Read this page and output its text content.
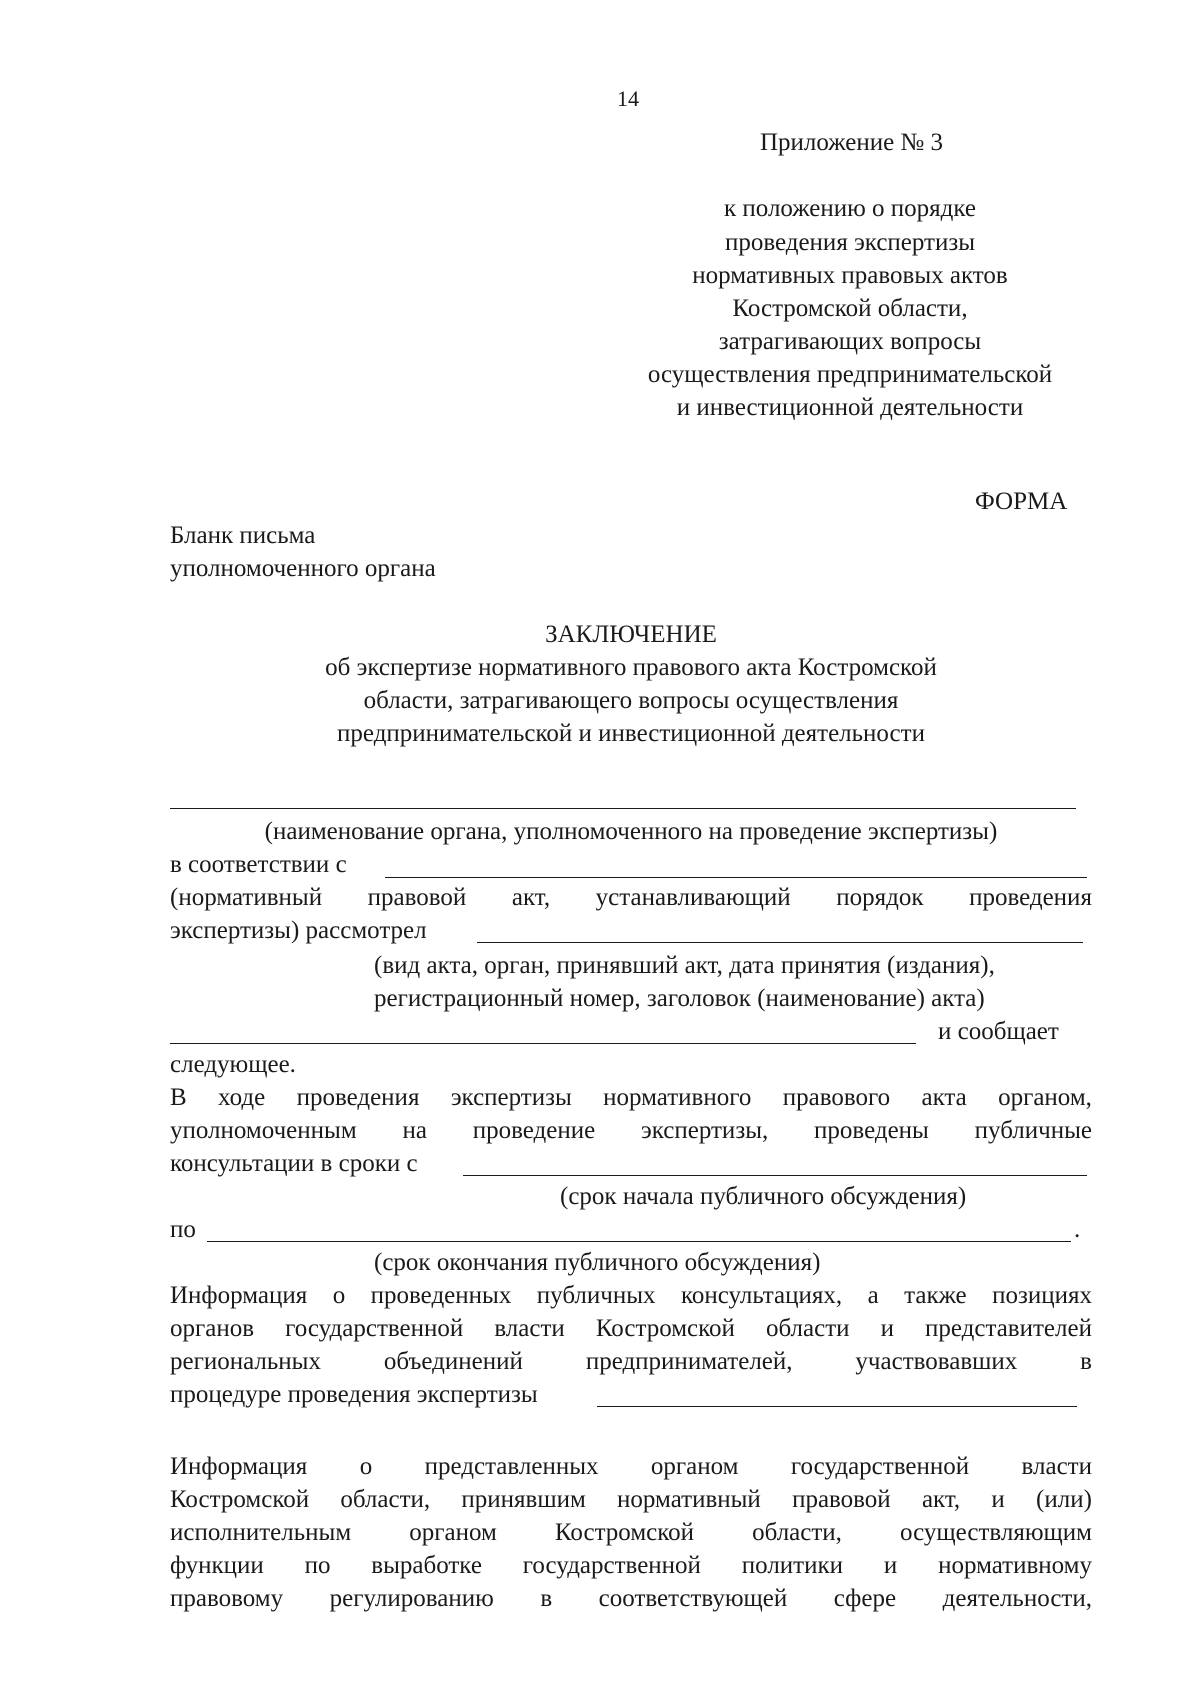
14
Приложение № 3
к положению о порядке
проведения экспертизы
нормативных правовых актов
Костромской области,
затрагивающих вопросы
осуществления предпринимательской
и инвестиционной деятельности
ФОРМА
Бланк письма
уполномоченного органа
ЗАКЛЮЧЕНИЕ
об экспертизе нормативного правового акта Костромской
области, затрагивающего вопросы осуществления
предпринимательской и инвестиционной деятельности
(наименование органа, уполномоченного на проведение экспертизы)
в соответствии с
(нормативный правовой акт, устанавливающий порядок проведения
экспертизы) рассмотрел
(вид акта, орган, принявший акт, дата принятия (издания),
регистрационный номер, заголовок (наименование) акта)
и сообщает
следующее.
В ходе проведения экспертизы нормативного правового акта органом,
уполномоченным на проведение экспертизы, проведены публичные
консультации в сроки с
(срок начала публичного обсуждения)
по	.
(срок окончания публичного обсуждения)
Информация о проведенных публичных консультациях, а также позициях
органов государственной власти Костромской области и представителей
региональных	объединений	предпринимателей,	участвовавших	в
процедуре проведения экспертизы
Информация о представленных органом государственной власти
Костромской области, принявшим нормативный правовой акт, и (или)
исполнительным органом Костромской области, осуществляющим
функции по выработке государственной политики и нормативному
правовому регулированию в соответствующей сфере деятельности,
